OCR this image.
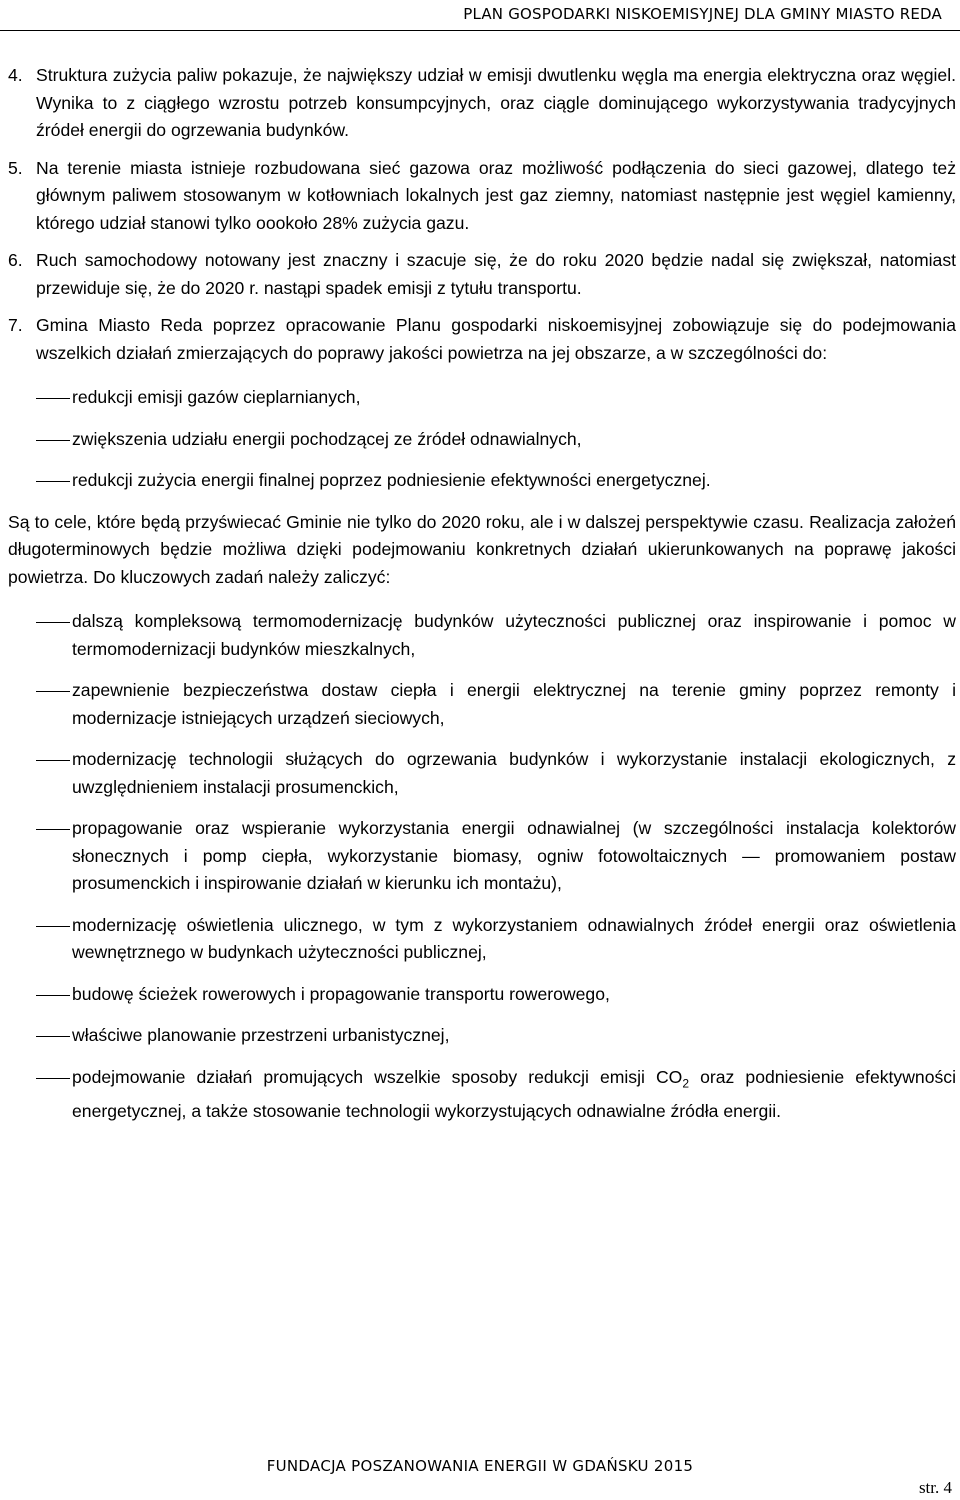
PLAN GOSPODARKI NISKOEMISYJNEJ DLA GMINY MIASTO REDA
4. Struktura zużycia paliw pokazuje, że największy udział w emisji dwutlenku węgla ma energia elektryczna oraz węgiel. Wynika to z ciągłego wzrostu potrzeb konsumpcyjnych, oraz ciągle dominującego wykorzystywania tradycyjnych źródeł energii do ogrzewania budynków.
5. Na terenie miasta istnieje rozbudowana sieć gazowa oraz możliwość podłączenia do sieci gazowej, dlatego też głównym paliwem stosowanym w kotłowniach lokalnych jest gaz ziemny, natomiast następnie jest węgiel kamienny, którego udział stanowi tylko oookoło 28% zużycia gazu.
6. Ruch samochodowy notowany jest znaczny i szacuje się, że do roku 2020 będzie nadal się zwiększał, natomiast przewiduje się, że do 2020 r. nastąpi spadek emisji z tytułu transportu.
7. Gmina Miasto Reda poprzez opracowanie Planu gospodarki niskoemisyjnej zobowiązuje się do podejmowania wszelkich działań zmierzających do poprawy jakości powietrza na jej obszarze, a w szczególności do:
redukcji emisji gazów cieplarnianych,
zwiększenia udziału energii pochodzącej ze źródeł odnawialnych,
redukcji zużycia energii finalnej poprzez podniesienie efektywności energetycznej.

Są to cele, które będą przyświecać Gminie nie tylko do 2020 roku, ale i w dalszej perspektywie czasu. Realizacja założeń długoterminowych będzie możliwa dzięki podejmowaniu konkretnych działań ukierunkowanych na poprawę jakości powietrza. Do kluczowych zadań należy zaliczyć:

dalszą kompleksową termomodernizację budynków użyteczności publicznej oraz inspirowanie i pomoc w termomodernizacji budynków mieszkalnych,
zapewnienie bezpieczeństwa dostaw ciepła i energii elektrycznej na terenie gminy poprzez remonty i modernizacje istniejących urządzeń sieciowych,
modernizację technologii służących do ogrzewania budynków i wykorzystanie instalacji ekologicznych, z uwzględnieniem instalacji prosumenckich,
propagowanie oraz wspieranie wykorzystania energii odnawialnej (w szczególności instalacja kolektorów słonecznych i pomp ciepła, wykorzystanie biomasy, ogniw fotowoltaicznych — promowaniem postaw prosumenckich i inspirowanie działań w kierunku ich montażu),
modernizację oświetlenia ulicznego, w tym z wykorzystaniem odnawialnych źródeł energii oraz oświetlenia wewnętrznego w budynkach użyteczności publicznej,
budowę ścieżek rowerowych i propagowanie transportu rowerowego,
właściwe planowanie przestrzeni urbanistycznej,
podejmowanie działań promujących wszelkie sposoby redukcji emisji $CO_2$ oraz podniesienie efektywności energetycznej, a także stosowanie technologii wykorzystujących odnawialne źródła energii.
FUNDACJA POSZANOWANIA ENERGII W GDAŃSKU 2015
str. 4
